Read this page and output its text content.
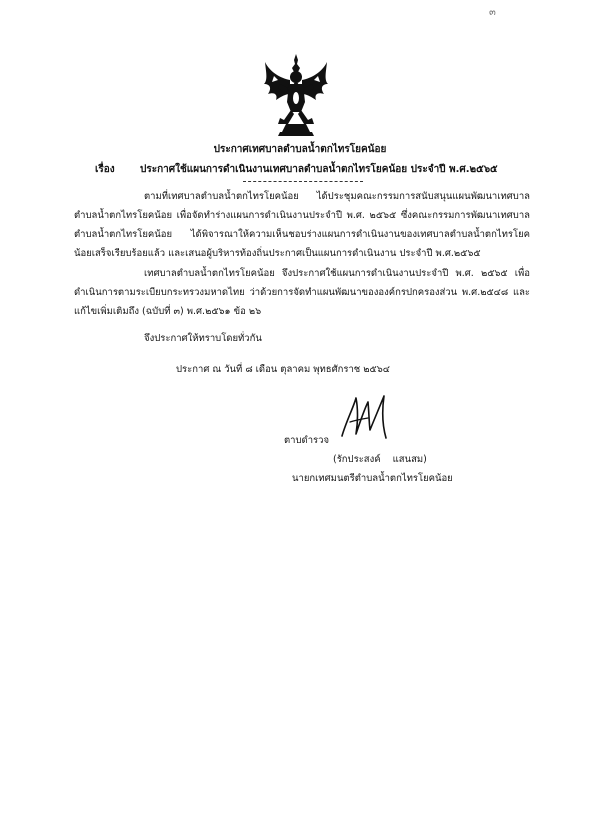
๓
ประกาศเทศบาลตำบลน้ำตกไทรโยคน้อย
เรื่อง	ประกาศใช้แผนการดำเนินงานเทศบาลตำบลน้ำตกไทรโยคน้อย ประจำปี พ.ศ.๒๕๖๕

ตามที่เทศบาลตำบลน้ำตกไทรโยคน้อย ได้ประชุมคณะกรรมการสนับสนุนแผนพัฒนาเทศบาลตำบลน้ำตกไทรโยคน้อย เพื่อจัดทำร่างแผนการดำเนินงานประจำปี พ.ศ. ๒๕๖๕ ซึ่งคณะกรรมการพัฒนาเทศบาลตำบลน้ำตกไทรโยคน้อย ได้พิจารณาให้ความเห็นชอบร่างแผนการดำเนินงานของเทศบาลตำบลน้ำตกไทรโยคน้อยเสร็จเรียบร้อยแล้ว และเสนอผู้บริหารท้องถิ่นประกาศเป็นแผนการดำเนินงาน ประจำปี พ.ศ.๒๕๖๕

เทศบาลตำบลน้ำตกไทรโยคน้อย จึงประกาศใช้แผนการดำเนินงานประจำปี พ.ศ. ๒๕๖๕ เพื่อดำเนินการตามระเบียบกระทรวงมหาดไทย ว่าด้วยการจัดทำแผนพัฒนาขององค์กรปกครองส่วน พ.ศ.๒๕๔๘ และแก้ไขเพิ่มเติมถึง (ฉบับที่ ๓) พ.ศ.๒๕๖๑ ข้อ ๒๖

จึงประกาศให้ทราบโดยทั่วกัน
ประกาศ ณ วันที่ ๘ เดือน ตุลาคม พุทธศักราช ๒๕๖๔
ตาบดำรวจ
(รักประสงค์    แสนสม)
นายกเทศมนตรีตำบลน้ำตกไทรโยคน้อย
